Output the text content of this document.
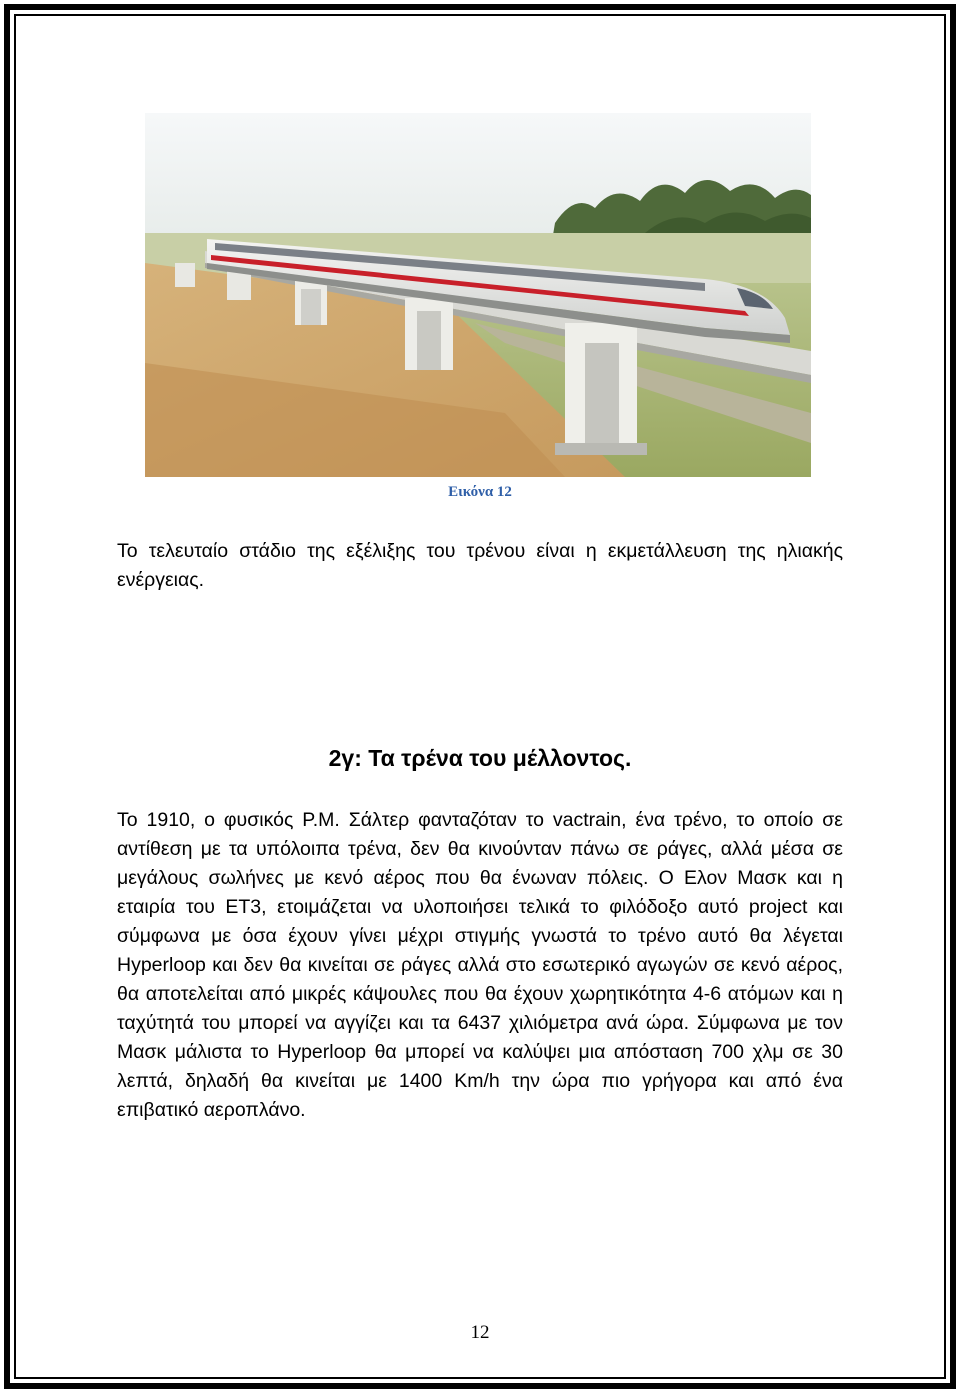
Εικόνα 12
Το τελευταίο στάδιο της εξέλιξης του τρένου είναι η εκμετάλλευση της ηλιακής ενέργειας.
2γ: Τα τρένα του μέλλοντος.
Το 1910, ο φυσικός Ρ.Μ. Σάλτερ φανταζόταν το vactrain, ένα τρένο, το οποίο σε αντίθεση με τα υπόλοιπα τρένα, δεν θα κινούνταν πάνω σε ράγες, αλλά μέσα σε μεγάλους σωλήνες με κενό αέρος που θα ένωναν πόλεις. Ο Ελον Μασκ και η εταιρία του ET3, ετοιμάζεται να υλοποιήσει τελικά το φιλόδοξο αυτό project και σύμφωνα με όσα έχουν γίνει μέχρι στιγμής γνωστά το τρένο αυτό θα λέγεται Hyperloop και δεν θα κινείται σε ράγες αλλά στο εσωτερικό αγωγών σε κενό αέρος, θα αποτελείται από μικρές κάψουλες που θα έχουν χωρητικότητα 4-6 ατόμων και η ταχύτητά του μπορεί να αγγίζει και τα 6437 χιλιόμετρα ανά ώρα. Σύμφωνα με τον Μασκ μάλιστα το Hyperloop θα μπορεί να καλύψει μια απόσταση 700 χλμ σε 30 λεπτά, δηλαδή θα κινείται με 1400 Km/h την ώρα πιο γρήγορα και από ένα επιβατικό αεροπλάνο.
12
